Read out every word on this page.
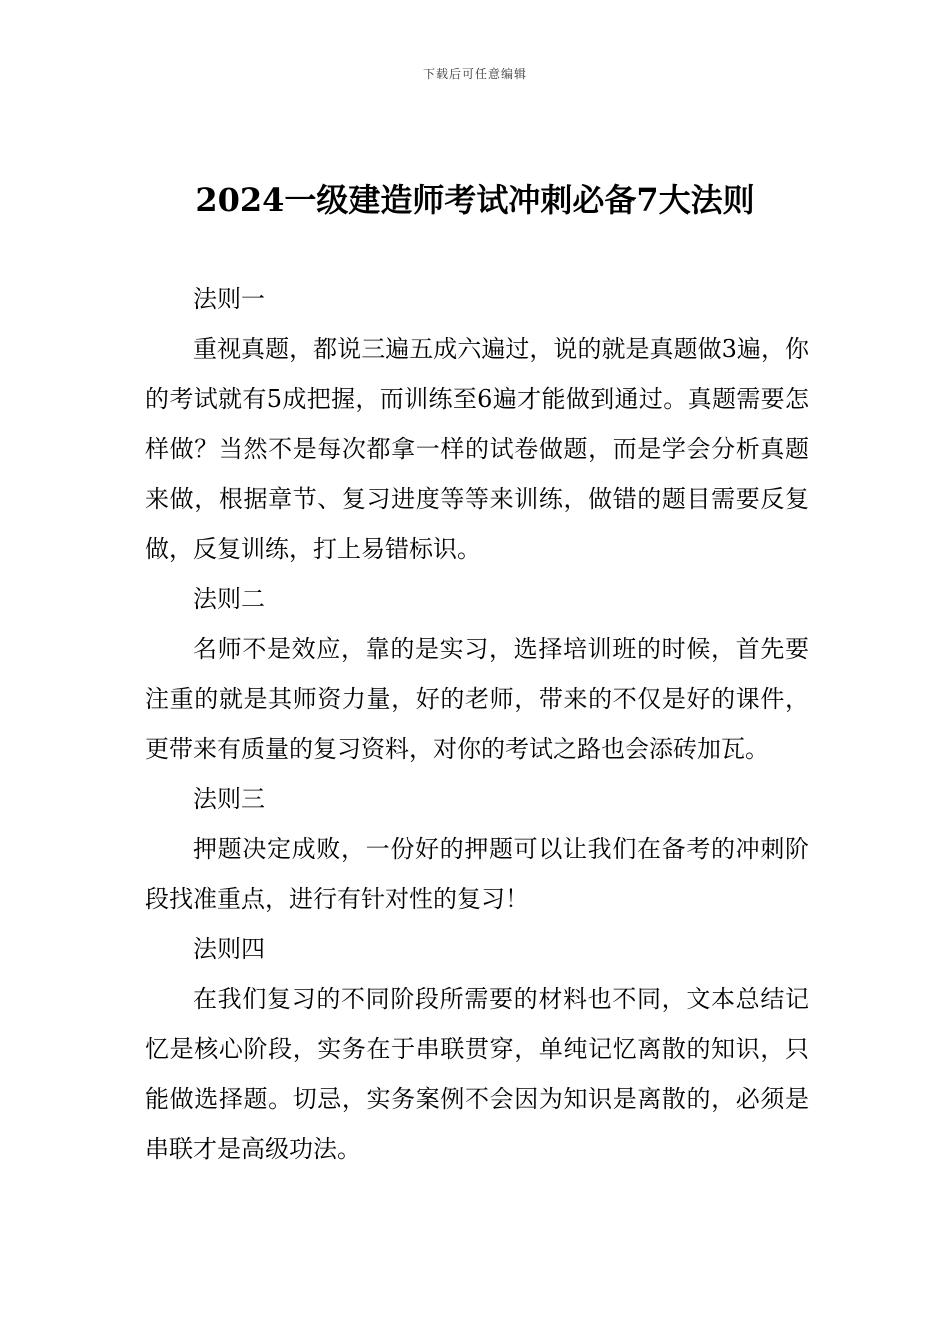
下载后可任意编辑
2024一级建造师考试冲刺必备7大法则

法则一

重视真题，都说三遍五成六遍过，说的就是真题做3遍，你的考试就有5成把握，而训练至6遍才能做到通过。真题需要怎样做？当然不是每次都拿一样的试卷做题，而是学会分析真题来做，根据章节、复习进度等等来训练，做错的题目需要反复做，反复训练，打上易错标识。

法则二

名师不是效应，靠的是实习，选择培训班的时候，首先要注重的就是其师资力量，好的老师，带来的不仅是好的课件，更带来有质量的复习资料，对你的考试之路也会添砖加瓦。

法则三

押题决定成败，一份好的押题可以让我们在备考的冲刺阶段找准重点，进行有针对性的复习！

法则四

在我们复习的不同阶段所需要的材料也不同，文本总结记忆是核心阶段，实务在于串联贯穿，单纯记忆离散的知识，只能做选择题。切忌，实务案例不会因为知识是离散的，必须是串联才是高级功法。
